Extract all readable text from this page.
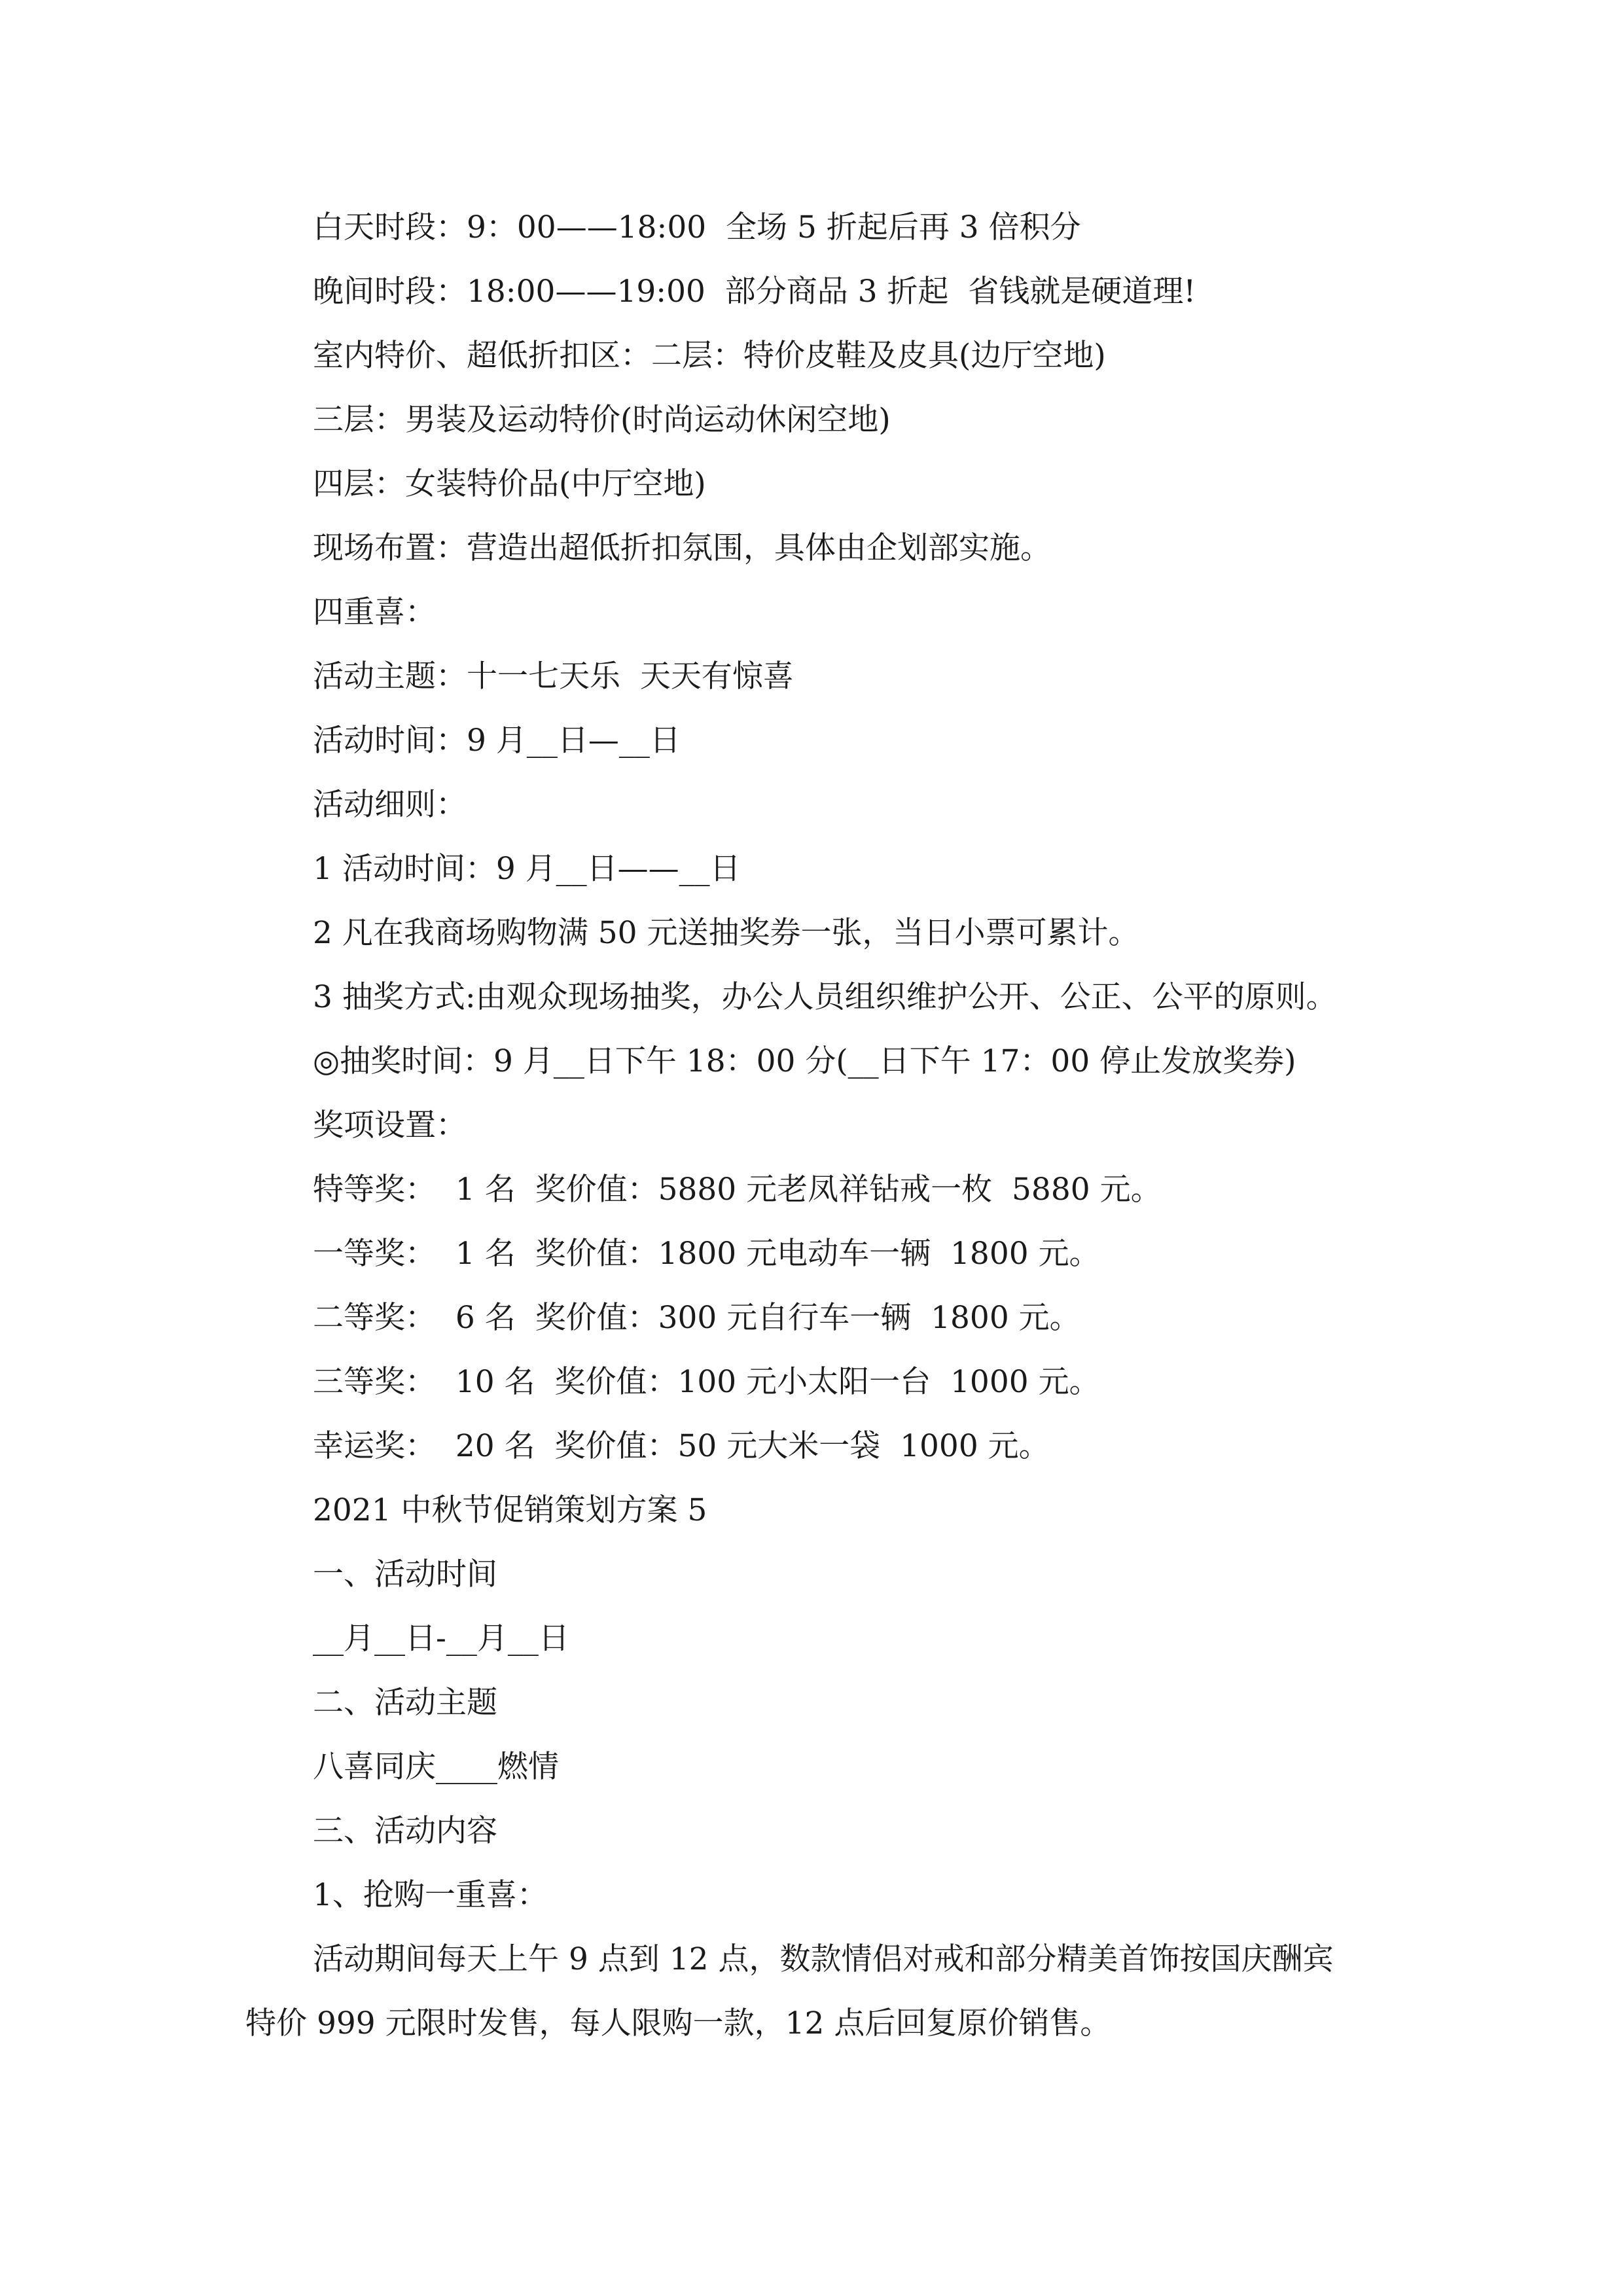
白天时段：9：00——18:00  全场 5 折起后再 3 倍积分
晚间时段：18:00——19:00  部分商品 3 折起  省钱就是硬道理!
室内特价、超低折扣区：二层：特价皮鞋及皮具(边厅空地)
三层：男装及运动特价(时尚运动休闲空地)
四层：女装特价品(中厅空地)
现场布置：营造出超低折扣氛围，具体由企划部实施。
四重喜：
活动主题：十一七天乐  天天有惊喜
活动时间：9 月__日—__日
活动细则：
1 活动时间：9 月__日——__日
2 凡在我商场购物满 50 元送抽奖券一张，当日小票可累计。
3 抽奖方式:由观众现场抽奖，办公人员组织维护公开、公正、公平的原则。
◎抽奖时间：9 月__日下午 18：00 分(__日下午 17：00 停止发放奖券)
奖项设置：
特等奖：  1 名  奖价值：5880 元老凤祥钻戒一枚  5880 元。
一等奖：  1 名  奖价值：1800 元电动车一辆  1800 元。
二等奖：  6 名  奖价值：300 元自行车一辆  1800 元。
三等奖：  10 名  奖价值：100 元小太阳一台  1000 元。
幸运奖：  20 名  奖价值：50 元大米一袋  1000 元。
2021 中秋节促销策划方案 5
一、活动时间
__月__日-__月__日
二、活动主题
八喜同庆____燃情
三、活动内容
1、抢购一重喜：
活动期间每天上午 9 点到 12 点，数款情侣对戒和部分精美首饰按国庆酬宾
特价 999 元限时发售，每人限购一款，12 点后回复原价销售。
